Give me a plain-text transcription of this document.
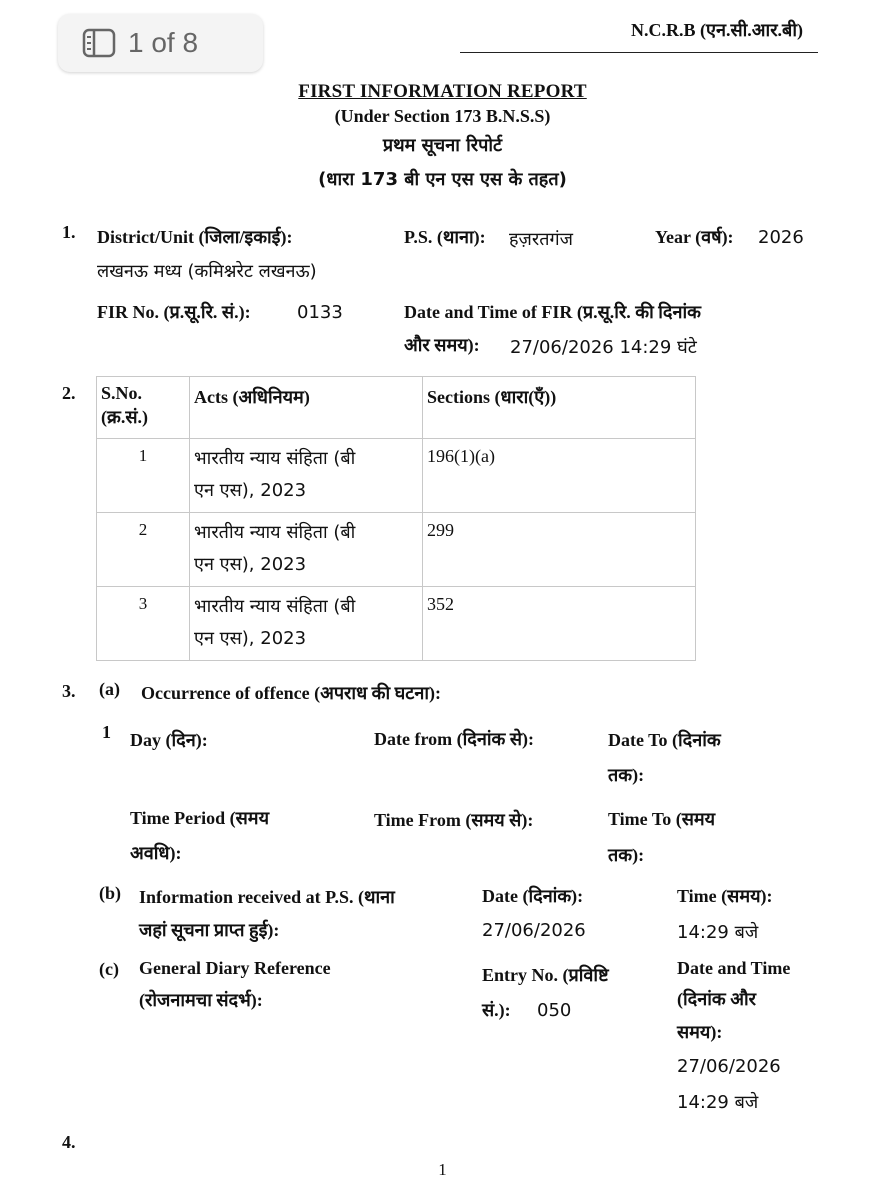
1 of 8	N.C.R.B (एन.सी.आर.बी)
FIRST INFORMATION REPORT
(Under Section 173 B.N.S.S)
प्रथम सूचना रिपोर्ट
(धारा 173 बी एन एस एस के तहत)
1. District/Unit (जिला/इकाई):
लखनऊ मध्य (कमिश्नरेट लखनऊ)
P.S. (थाना): हज़रतगंज	Year (वर्ष): 2026
FIR No. (प्र.सू.रि. सं.):	0133	Date and Time of FIR (प्र.सू.रि. की दिनांक
और समय): 27/06/2026 14:29 घंटे
2. S.No.
(क्र.सं.)	Acts (अधिनियम)	Sections (धारा(एँ))
1	भारतीय न्याय संहिता (बी
एन एस), 2023	196(1)(a)
2	भारतीय न्याय संहिता (बी
एन एस), 2023	299
3	भारतीय न्याय संहिता (बी
एन एस), 2023	352
3. (a) Occurrence of offence (अपराध की घटना):
1 Day (दिन):	Date from (दिनांक से):	Date To (दिनांक
तक):
Time Period (समय
अवधि):
Time From (समय से):	Time To (समय
तक):
(b) Information received at P.S. (थाना
जहां सूचना प्राप्त हुई):
Date (दिनांक):
27/06/2026
Time (समय):
14:29 बजे
(c) General Diary Reference
(रोजनामचा संदर्भ):
Entry No. (प्रविष्टि
सं.): 050
Date and Time
(दिनांक और
समय):
27/06/2026
14:29 बजे
4.
1
